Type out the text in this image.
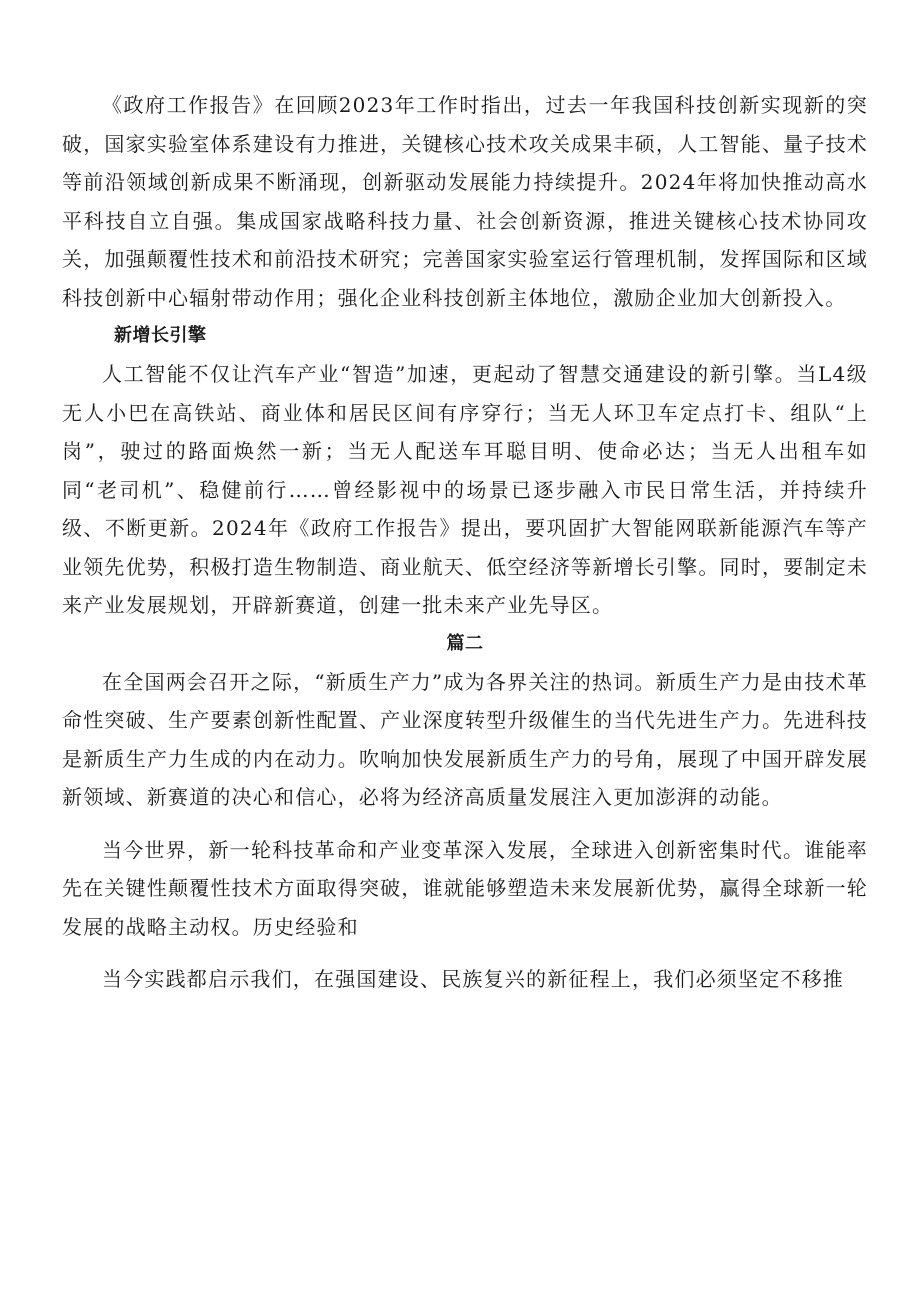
《政府工作报告》在回顾2023年工作时指出，过去一年我国科技创新实现新的突破，国家实验室体系建设有力推进，关键核心技术攻关成果丰硕，人工智能、量子技术等前沿领域创新成果不断涌现，创新驱动发展能力持续提升。2024年将加快推动高水平科技自立自强。集成国家战略科技力量、社会创新资源，推进关键核心技术协同攻关，加强颠覆性技术和前沿技术研究；完善国家实验室运行管理机制，发挥国际和区域科技创新中心辐射带动作用；强化企业科技创新主体地位，激励企业加大创新投入。

新增长引擎

人工智能不仅让汽车产业“智造”加速，更起动了智慧交通建设的新引擎。当L4级无人小巴在高铁站、商业体和居民区间有序穿行；当无人环卫车定点打卡、组队“上岗”，驶过的路面焕然一新；当无人配送车耳聪目明、使命必达；当无人出租车如同“老司机”、稳健前行……曾经影视中的场景已逐步融入市民日常生活，并持续升级、不断更新。2024年《政府工作报告》提出，要巩固扩大智能网联新能源汽车等产业领先优势，积极打造生物制造、商业航天、低空经济等新增长引擎。同时，要制定未来产业发展规划，开辟新赛道，创建一批未来产业先导区。

篇二

在全国两会召开之际，“新质生产力”成为各界关注的热词。新质生产力是由技术革命性突破、生产要素创新性配置、产业深度转型升级催生的当代先进生产力。先进科技是新质生产力生成的内在动力。吹响加快发展新质生产力的号角，展现了中国开辟发展新领域、新赛道的决心和信心，必将为经济高质量发展注入更加澎湃的动能。

当今世界，新一轮科技革命和产业变革深入发展，全球进入创新密集时代。谁能率先在关键性颠覆性技术方面取得突破，谁就能够塑造未来发展新优势，赢得全球新一轮发展的战略主动权。历史经验和

当今实践都启示我们，在强国建设、民族复兴的新征程上，我们必须坚定不移推
